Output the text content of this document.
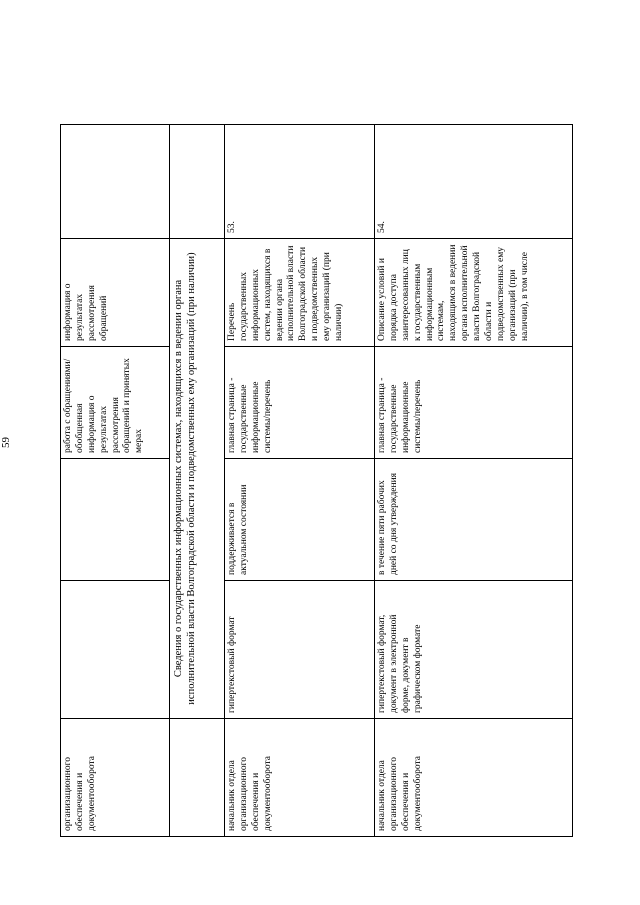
59
организационного обеспечения и документооборота			работа с обращениями/обобщенная информация о результатах рассмотрения обращений и принятых мерах	информация о результатах рассмотрения обращений	
	Сведения о государственных информационных системах, находящихся в ведении органа исполнительной власти Волгоградской области и подведомственных ему организаций (при наличии)				
начальник отдела организационного обеспечения и документооборота	гипертекстовый формат	поддерживается в актуальном состоянии	главная страница - государственные информационные системы/перечень	Перечень государственных информационных систем, находящихся в ведении органа исполнительной власти Волгоградской области и подведомственных ему организаций (при наличии)	53.
начальник отдела организационного обеспечения и документооборота	гипертекстовый формат, документ в электронной форме, документ в графическом формате	в течение пяти рабочих дней со дня утверждения	главная страница - государственные информационные системы/перечень	Описание условий и порядка доступа заинтересованных лиц к государственным информационным системам, находящимся в ведении органа исполнительной власти Волгоградской области и подведомственных ему организаций (при наличии), в том числе	54.
